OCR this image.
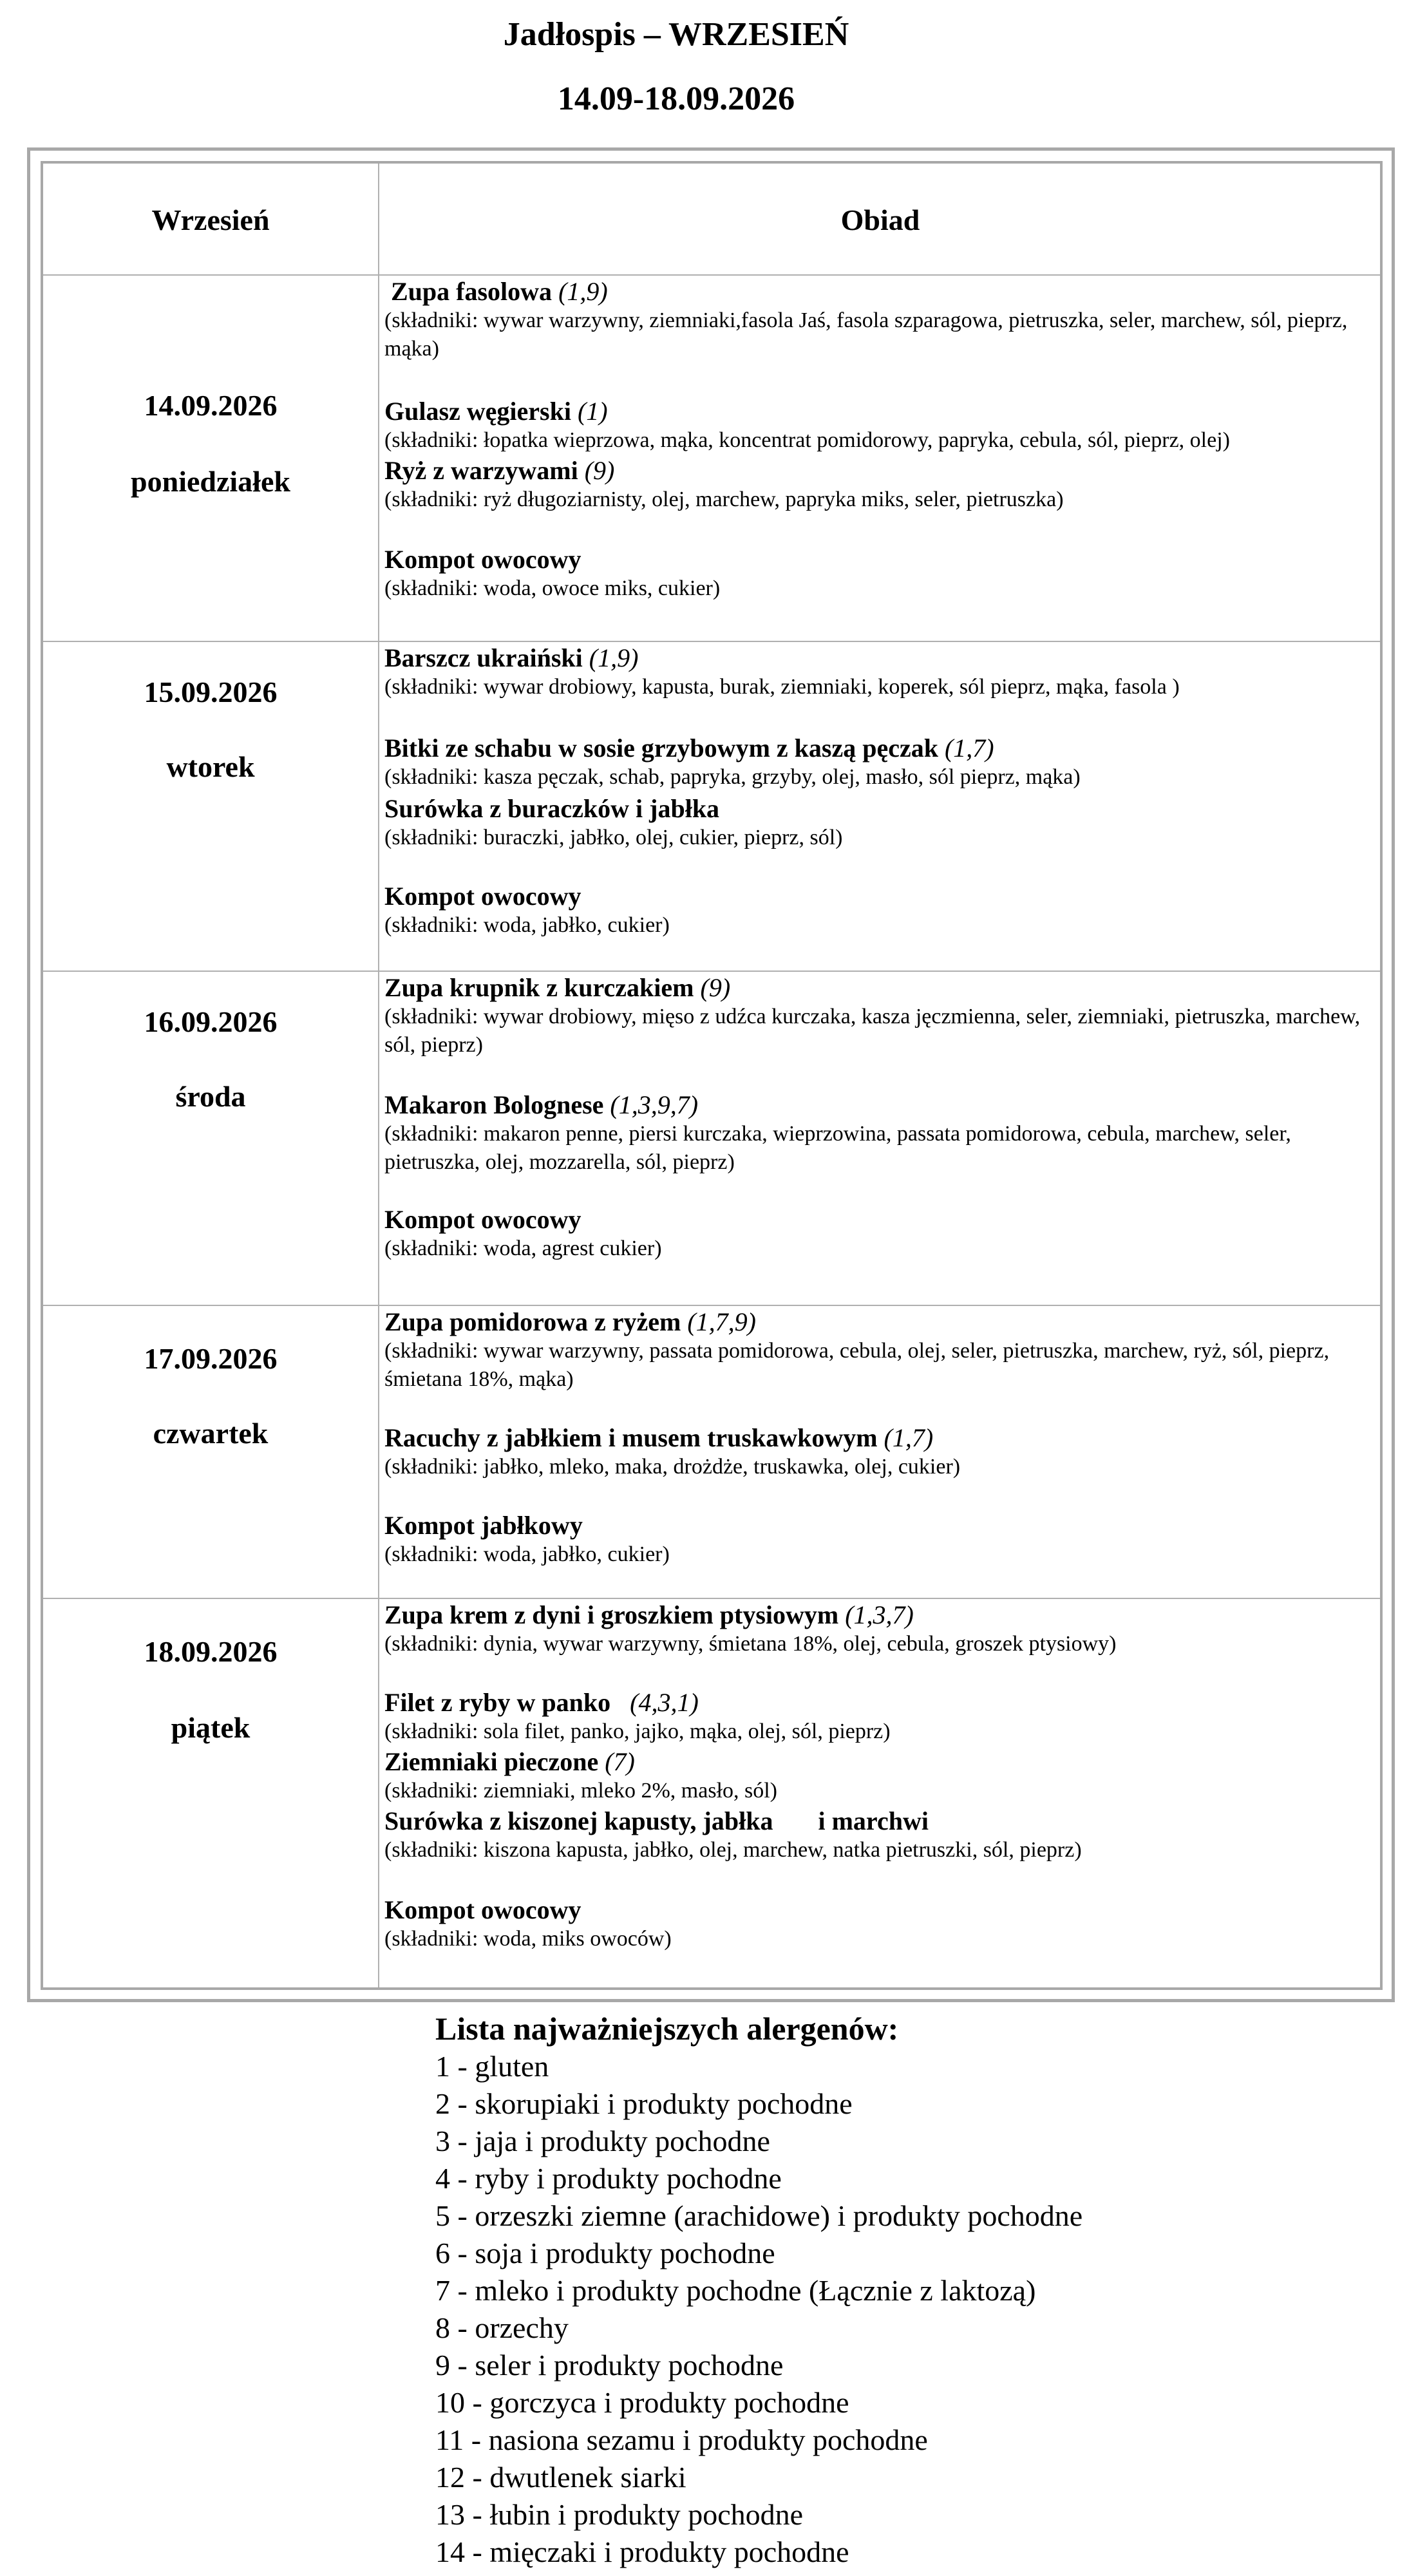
Jadłospis – WRZESIEŃ
14.09-18.09.2026
Wrzesień	Obiad
14.09.2026
poniedziałek
Zupa fasolowa (1,9)
(składniki: wywar warzywny, ziemniaki,fasola Jaś, fasola szparagowa, pietruszka, seler, marchew, sól, pieprz, mąka)
Gulasz węgierski (1)
(składniki: łopatka wieprzowa, mąka, koncentrat pomidorowy, papryka, cebula, sól, pieprz, olej)
Ryż z warzywami (9)
(składniki: ryż długoziarnisty, olej, marchew, papryka miks, seler, pietruszka)
Kompot owocowy
(składniki: woda, owoce miks, cukier)
15.09.2026
wtorek
Barszcz ukraiński (1,9)
(składniki: wywar drobiowy, kapusta, burak, ziemniaki, koperek, sól pieprz, mąka, fasola )
Bitki ze schabu w sosie grzybowym z kaszą pęczak (1,7)
(składniki: kasza pęczak, schab, papryka, grzyby, olej, masło, sól pieprz, mąka)
Surówka z buraczków i jabłka
(składniki: buraczki, jabłko, olej, cukier, pieprz, sól)
Kompot owocowy
(składniki: woda, jabłko, cukier)
16.09.2026
środa
Zupa krupnik z kurczakiem (9)
(składniki: wywar drobiowy, mięso z udźca kurczaka, kasza jęczmienna, seler, ziemniaki, pietruszka, marchew, sól, pieprz)
Makaron Bolognese (1,3,9,7)
(składniki: makaron penne, piersi kurczaka, wieprzowina, passata pomidorowa, cebula, marchew, seler, pietruszka, olej, mozzarella, sól, pieprz)
Kompot owocowy
(składniki: woda, agrest cukier)
17.09.2026
czwartek
Zupa pomidorowa z ryżem (1,7,9)
(składniki: wywar warzywny, passata pomidorowa, cebula, olej, seler, pietruszka, marchew, ryż, sól, pieprz, śmietana 18%, mąka)
Racuchy z jabłkiem i musem truskawkowym (1,7)
(składniki: jabłko, mleko, maka, drożdże, truskawka, olej, cukier)
Kompot jabłkowy
(składniki: woda, jabłko, cukier)
18.09.2026
piątek
Zupa krem z dyni i groszkiem ptysiowym (1,3,7)
(składniki: dynia, wywar warzywny, śmietana 18%, olej, cebula, groszek ptysiowy)
Filet z ryby w panko (4,3,1)
(składniki: sola filet, panko, jajko, mąka, olej, sól, pieprz)
Ziemniaki pieczone (7)
(składniki: ziemniaki, mleko 2%, masło, sól)
Surówka z kiszonej kapusty, jabłka       i marchwi
(składniki: kiszona kapusta, jabłko, olej, marchew, natka pietruszki, sól, pieprz)
Kompot owocowy
(składniki: woda, miks owoców)
Lista najważniejszych alergenów:
1 - gluten
2 - skorupiaki i produkty pochodne
3 - jaja i produkty pochodne
4 - ryby i produkty pochodne
5 - orzeszki ziemne (arachidowe) i produkty pochodne
6 - soja i produkty pochodne
7 - mleko i produkty pochodne (Łącznie z laktozą)
8 - orzechy
9 - seler i produkty pochodne
10 - gorczyca i produkty pochodne
11 - nasiona sezamu i produkty pochodne
12 - dwutlenek siarki
13 - łubin i produkty pochodne
14 - mięczaki i produkty pochodne
